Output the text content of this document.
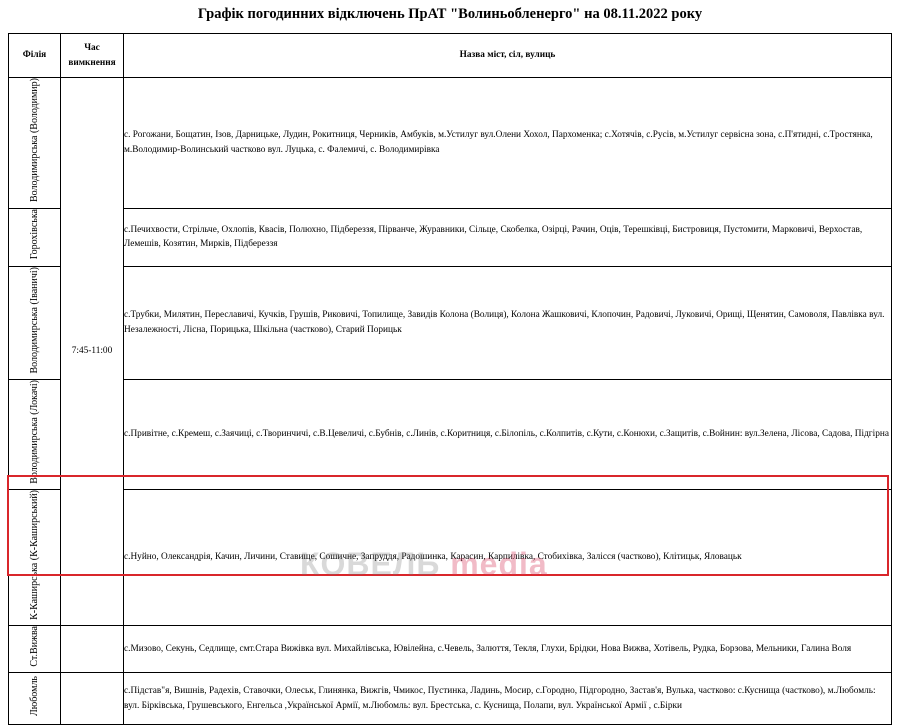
Графік погодинних відключень ПрАТ "Волиньобленерго" на 08.11.2022 року
Філія	Час вимкнення	Назва міст, сіл, вулиць
Володимирська (Володимир)	7:45-11:00	с. Рогожани, Бощатин, Ізов, Дарницьке, Лудин, Рокитниця, Черників, Амбуків, м.Устилуг вул.Олени Хохол, Пархоменка; с.Хотячів, с.Русів, м.Устилуг сервісна зона, с.П'ятидні, с.Тростянка, м.Володимир-Волинський частково вул. Луцька, с. Фалемичі, с. Володимирівка
Горохівська		с.Печихвости, Стрільче, Охлопів, Квасів, Полюхно, Підбереззя, Пірванче, Журавники, Сільце, Скобелка, Озірці, Рачин, Оців, Терешківці, Бистровиця, Пустомити, Марковичі, Верхостав, Лемешів, Козятин, Мирків, Підбереззя
Володимирська (Іваничі)		с.Трубки, Милятин, Переславичі, Кучків, Грушів, Риковичі, Топилище, Завидів Колона (Волиця), Колона Жашковичі, Клопочин, Радовичі, Луковичі, Орищі, Щенятин, Самоволя, Павлівка вул. Незалежності, Лісна, Порицька, Шкільна (частково), Старий Порицьк
Володимирська (Локачі)		с.Привітне, с.Кремеш, с.Заячиці, с.Творинчичі, с.В.Цевеличі, с.Бубнів, с.Линів, с.Коритниця, с.Білопіль, с.Колпитів, с.Кути, с.Конюхи, с.Защитів, с.Войнин: вул.Зелена, Лісова, Садова, Підгірна
К-Каширська (К-Каширський)		с.Нуйно, Олександрія, Качин, Личини, Ставище, Сошичне, Запруддя, Радошинка, Карасин, Карпилівка, Стобихівка, Залісся (частково), Клітицьк, Яловацьк
Ст.Вижва		с.Мизово, Секунь, Седлище, смт.Стара Вижівка вул. Михайлівська, Ювілейна, с.Чевель, Залюття, Текля, Глухи, Брідки, Нова Вижва, Хотівель, Рудка, Борзова, Мельники, Галина Воля
Любомль		с.Підстав"я, Вишнів, Радехів, Ставочки, Олеськ, Глинянка, Вижгів, Чмикос, Пустинка, Ладинь, Мосир, с.Городно, Підгородно, Застав'я, Вулька, частково: с.Куснища (частково), м.Любомль: вул. Бірківська, Грушевського, Енгельса ,Української Армії, м.Любомль: вул. Брестська, с. Куснища, Полапи, вул. Української Армії , с.Бірки
КОВЕЛЬ media
